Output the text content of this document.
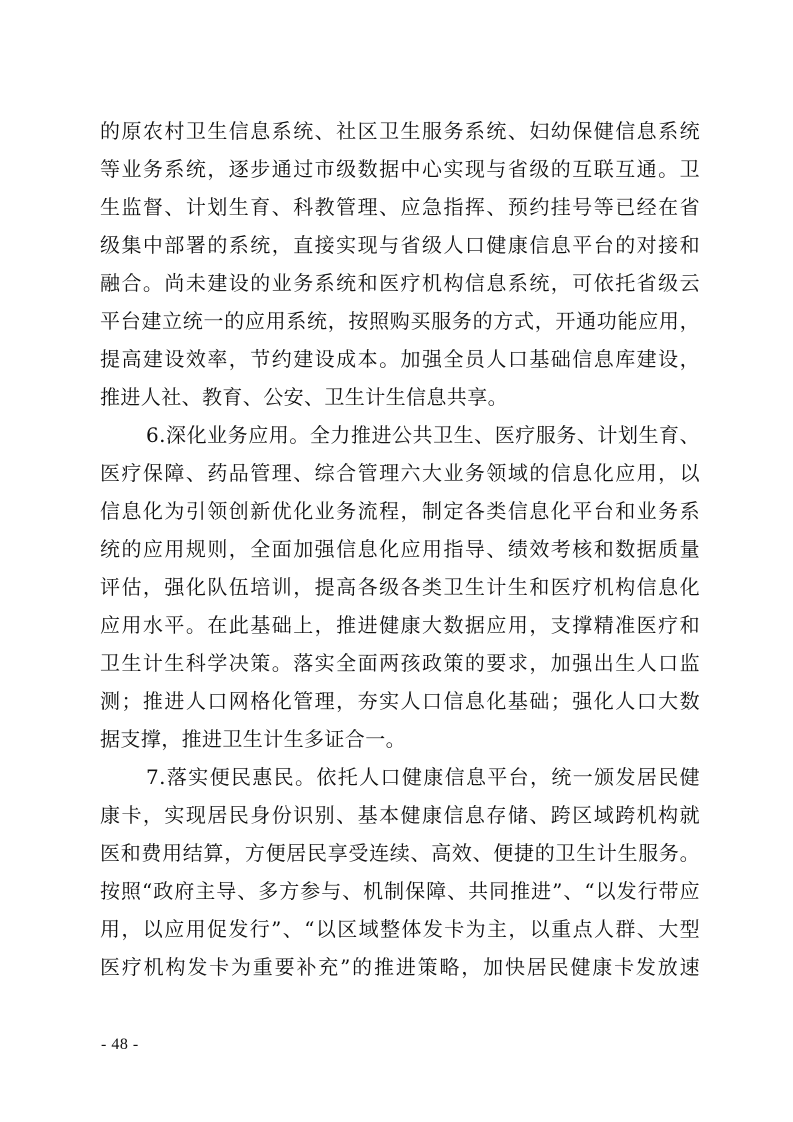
的原农村卫生信息系统、社区卫生服务系统、妇幼保健信息系统
等业务系统，逐步通过市级数据中心实现与省级的互联互通。卫
生监督、计划生育、科教管理、应急指挥、预约挂号等已经在省
级集中部署的系统，直接实现与省级人口健康信息平台的对接和
融合。尚未建设的业务系统和医疗机构信息系统，可依托省级云
平台建立统一的应用系统，按照购买服务的方式，开通功能应用，
提高建设效率，节约建设成本。加强全员人口基础信息库建设，
推进人社、教育、公安、卫生计生信息共享。
6.深化业务应用。全力推进公共卫生、医疗服务、计划生育、
医疗保障、药品管理、综合管理六大业务领域的信息化应用，以
信息化为引领创新优化业务流程，制定各类信息化平台和业务系
统的应用规则，全面加强信息化应用指导、绩效考核和数据质量
评估，强化队伍培训，提高各级各类卫生计生和医疗机构信息化
应用水平。在此基础上，推进健康大数据应用，支撑精准医疗和
卫生计生科学决策。落实全面两孩政策的要求，加强出生人口监
测；推进人口网格化管理，夯实人口信息化基础；强化人口大数
据支撑，推进卫生计生多证合一。
7.落实便民惠民。依托人口健康信息平台，统一颁发居民健
康卡，实现居民身份识别、基本健康信息存储、跨区域跨机构就
医和费用结算，方便居民享受连续、高效、便捷的卫生计生服务。
按照“政府主导、多方参与、机制保障、共同推进”、“以发行带应
用，以应用促发行”、“以区域整体发卡为主，以重点人群、大型
医疗机构发卡为重要补充”的推进策略，加快居民健康卡发放速
- 48 -
